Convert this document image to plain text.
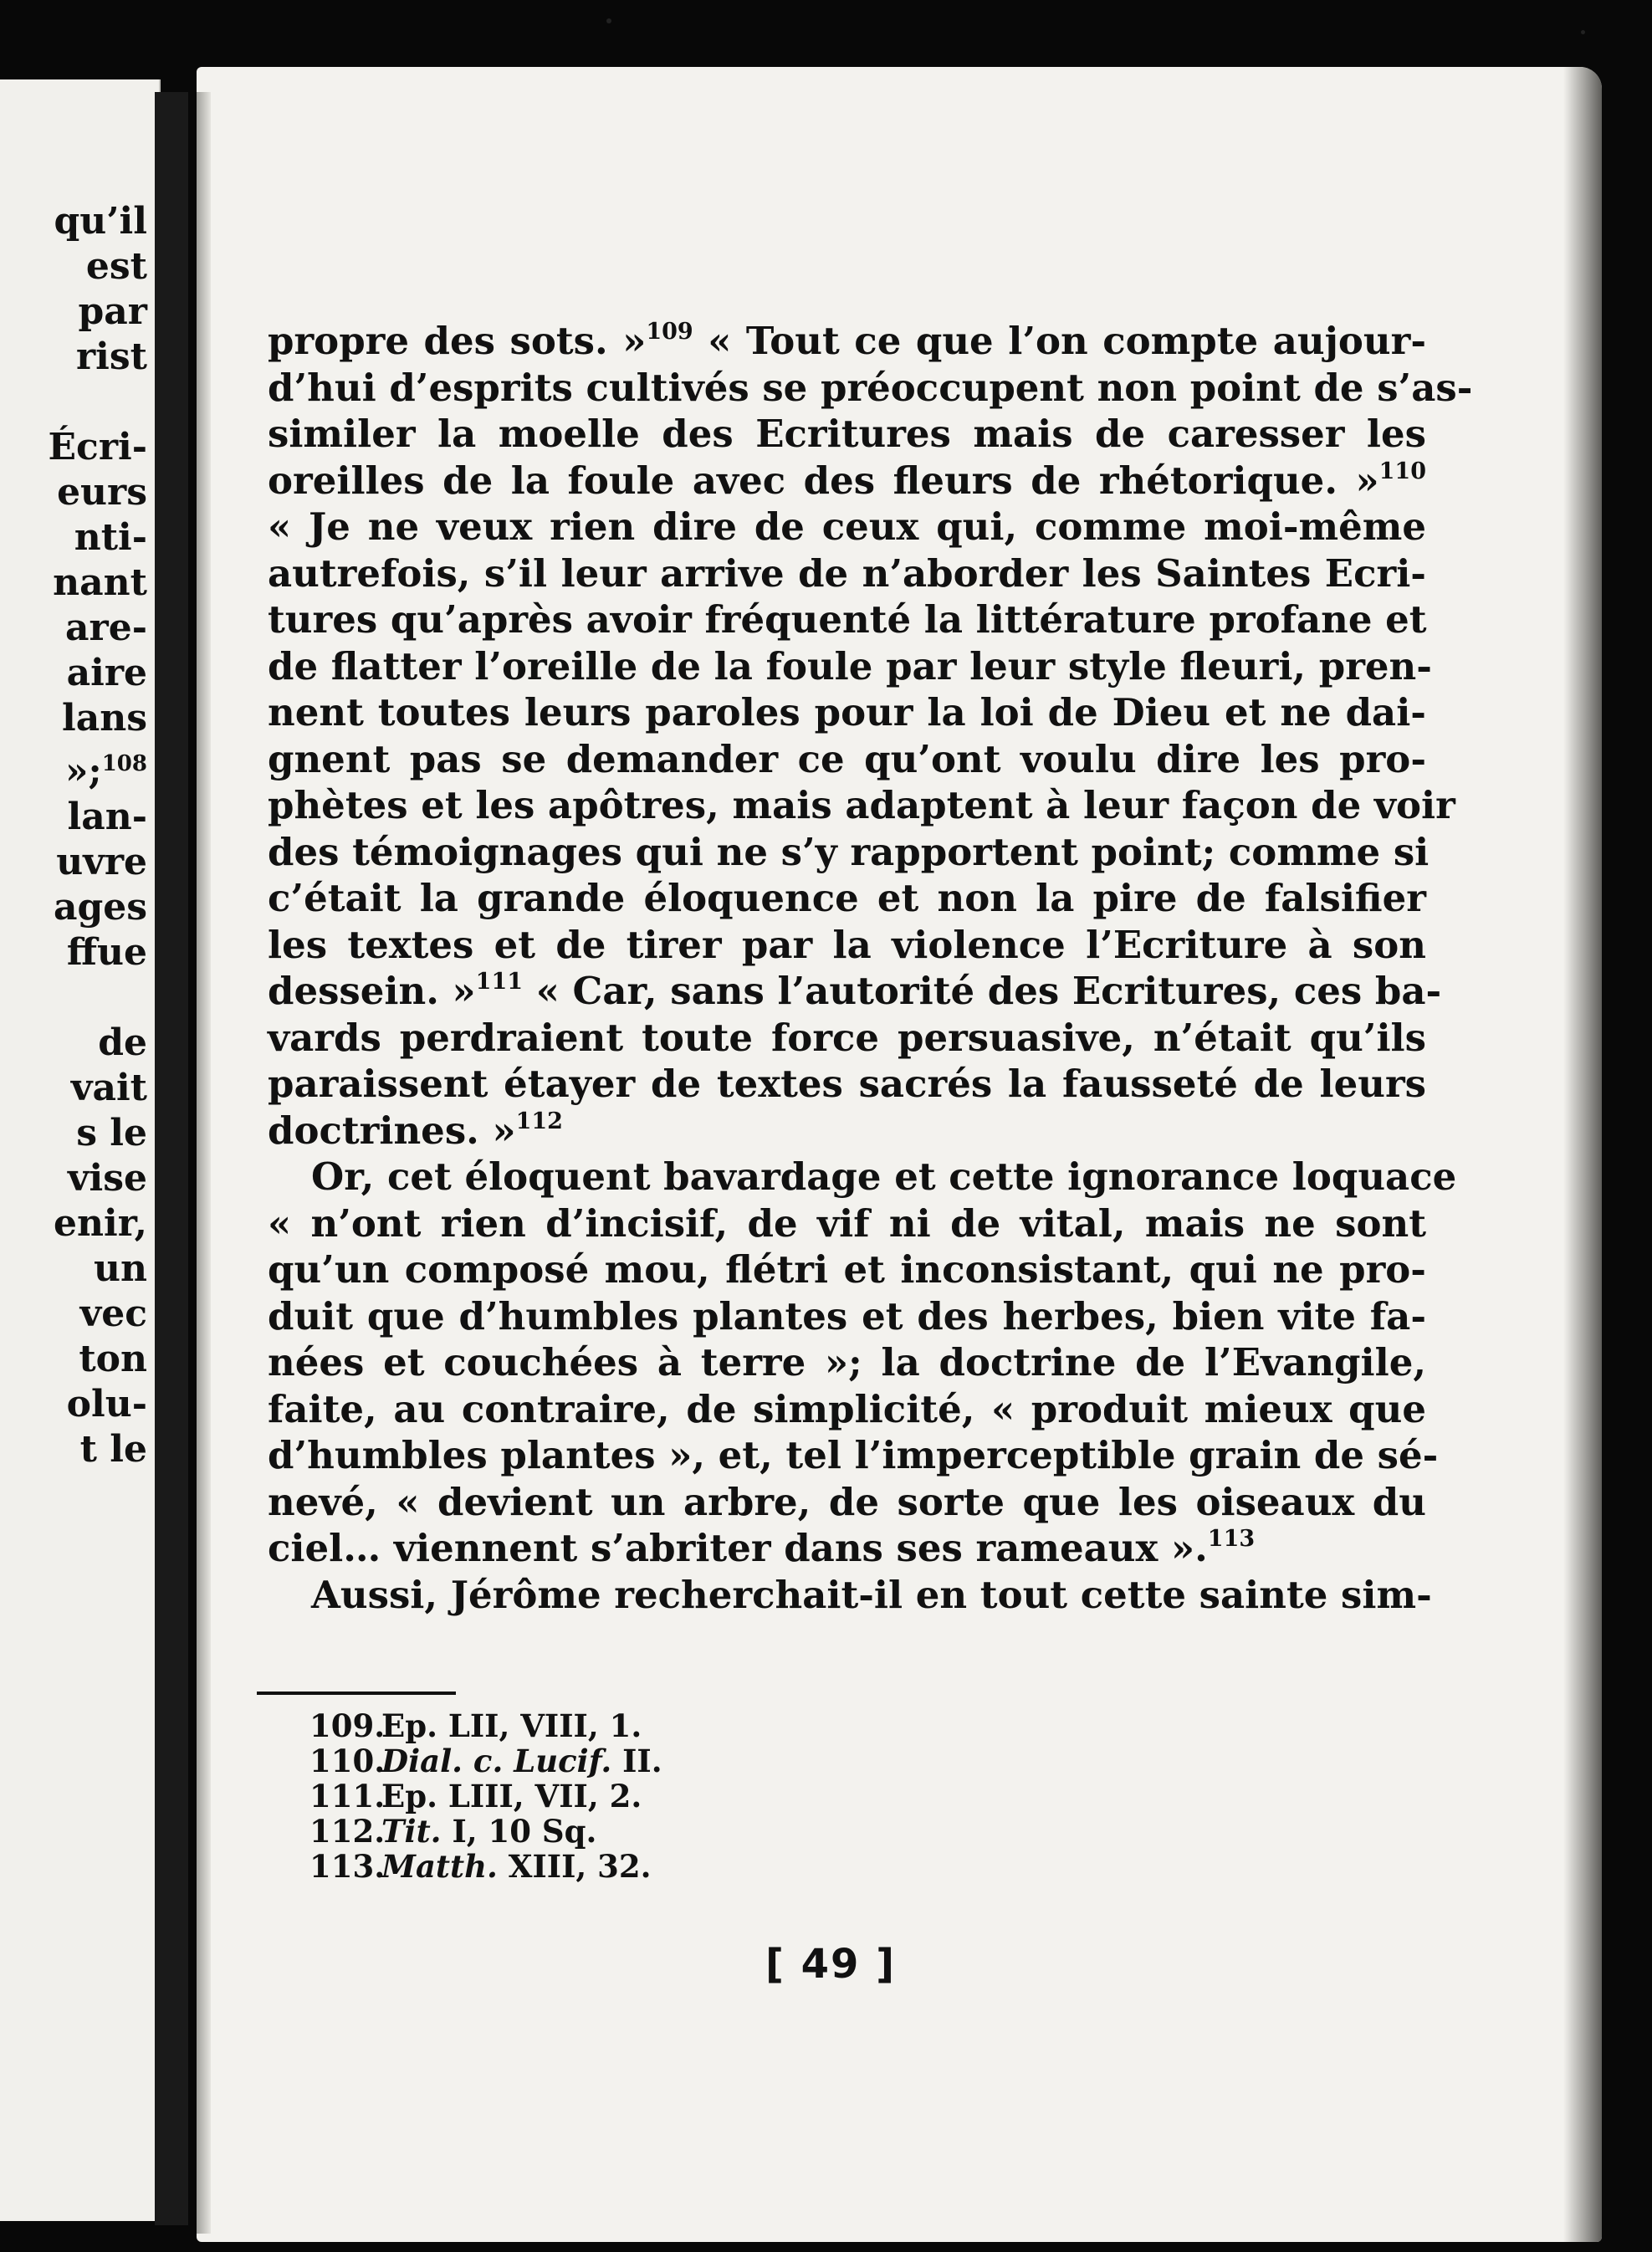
qu’il
est
par
rist
Écri-
eurs
nti-
nant
are-
aire
lans
»;$^{108}$
lan-
uvre
ages
ffue
de
vait
s le
vise
enir,
un
vec
ton
olu-
t le
propre des sots. »$^{109}$ « Tout ce que l’on compte aujour-
d’hui d’esprits cultivés se préoccupent non point de s’as-
similer la moelle des Ecritures mais de caresser les
oreilles de la foule avec des fleurs de rhétorique. »$^{110}$
« Je ne veux rien dire de ceux qui, comme moi-même
autrefois, s’il leur arrive de n’aborder les Saintes Ecri-
tures qu’après avoir fréquenté la littérature profane et
de flatter l’oreille de la foule par leur style fleuri, pren-
nent toutes leurs paroles pour la loi de Dieu et ne dai-
gnent pas se demander ce qu’ont voulu dire les pro-
phètes et les apôtres, mais adaptent à leur façon de voir
des témoignages qui ne s’y rapportent point; comme si
c’était la grande éloquence et non la pire de falsifier
les textes et de tirer par la violence l’Ecriture à son
dessein. »$^{111}$ « Car, sans l’autorité des Ecritures, ces ba-
vards perdraient toute force persuasive, n’était qu’ils
paraissent étayer de textes sacrés la fausseté de leurs
doctrines. »$^{112}$
Or, cet éloquent bavardage et cette ignorance loquace
« n’ont rien d’incisif, de vif ni de vital, mais ne sont
qu’un composé mou, flétri et inconsistant, qui ne pro-
duit que d’humbles plantes et des herbes, bien vite fa-
nées et couchées à terre »; la doctrine de l’Evangile,
faite, au contraire, de simplicité, « produit mieux que
d’humbles plantes », et, tel l’imperceptible grain de sé-
nevé, « devient un arbre, de sorte que les oiseaux du
ciel… viennent s’abriter dans ses rameaux ».$^{113}$
Aussi, Jérôme recherchait-il en tout cette sainte sim-
109.Ep. LII, VIII, 1.
110.Dial. c. Lucif. II.
111.Ep. LIII, VII, 2.
112.Tit. I, 10 Sq.
113.Matth. XIII, 32.
[ 49 ]
